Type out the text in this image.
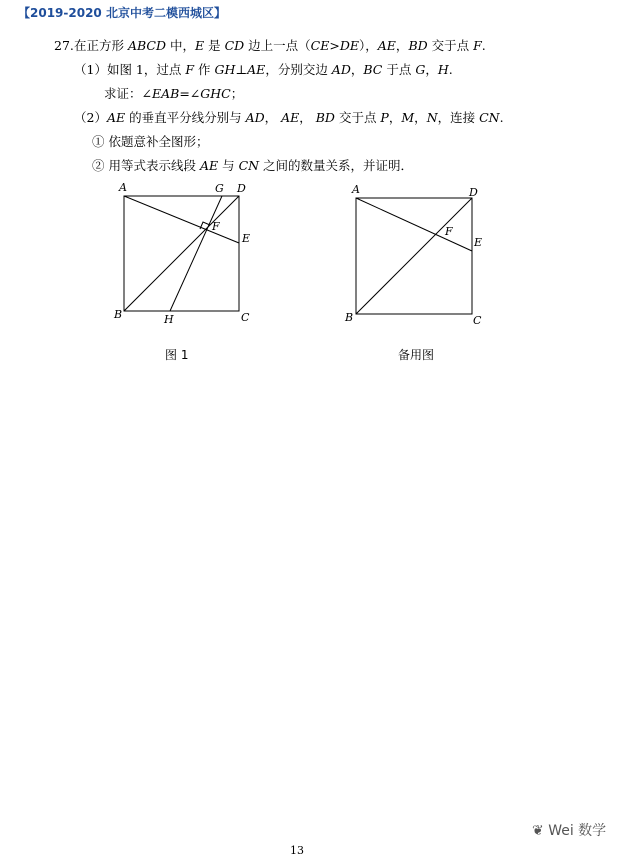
【2019-2020 北京中考二模西城区】
27. 在正方形 ABCD 中，E 是 CD 边上一点（CE>DE），AE，BD 交于点 F.
（1）如图 1，过点 F 作 GH⊥AE，分别交边 AD，BC 于点 G，H.
求证：∠EAB=∠GHC；
（2）AE 的垂直平分线分别与 AD， AE， BD 交于点 P，M，N，连接 CN.
① 依题意补全图形；
② 用等式表示线段 AE 与 CN 之间的数量关系，并证明．
A
B	C
D
E
F
G
H
图 1
A
B	C
D
E
F
备用图
❦ Wei 数学
13
